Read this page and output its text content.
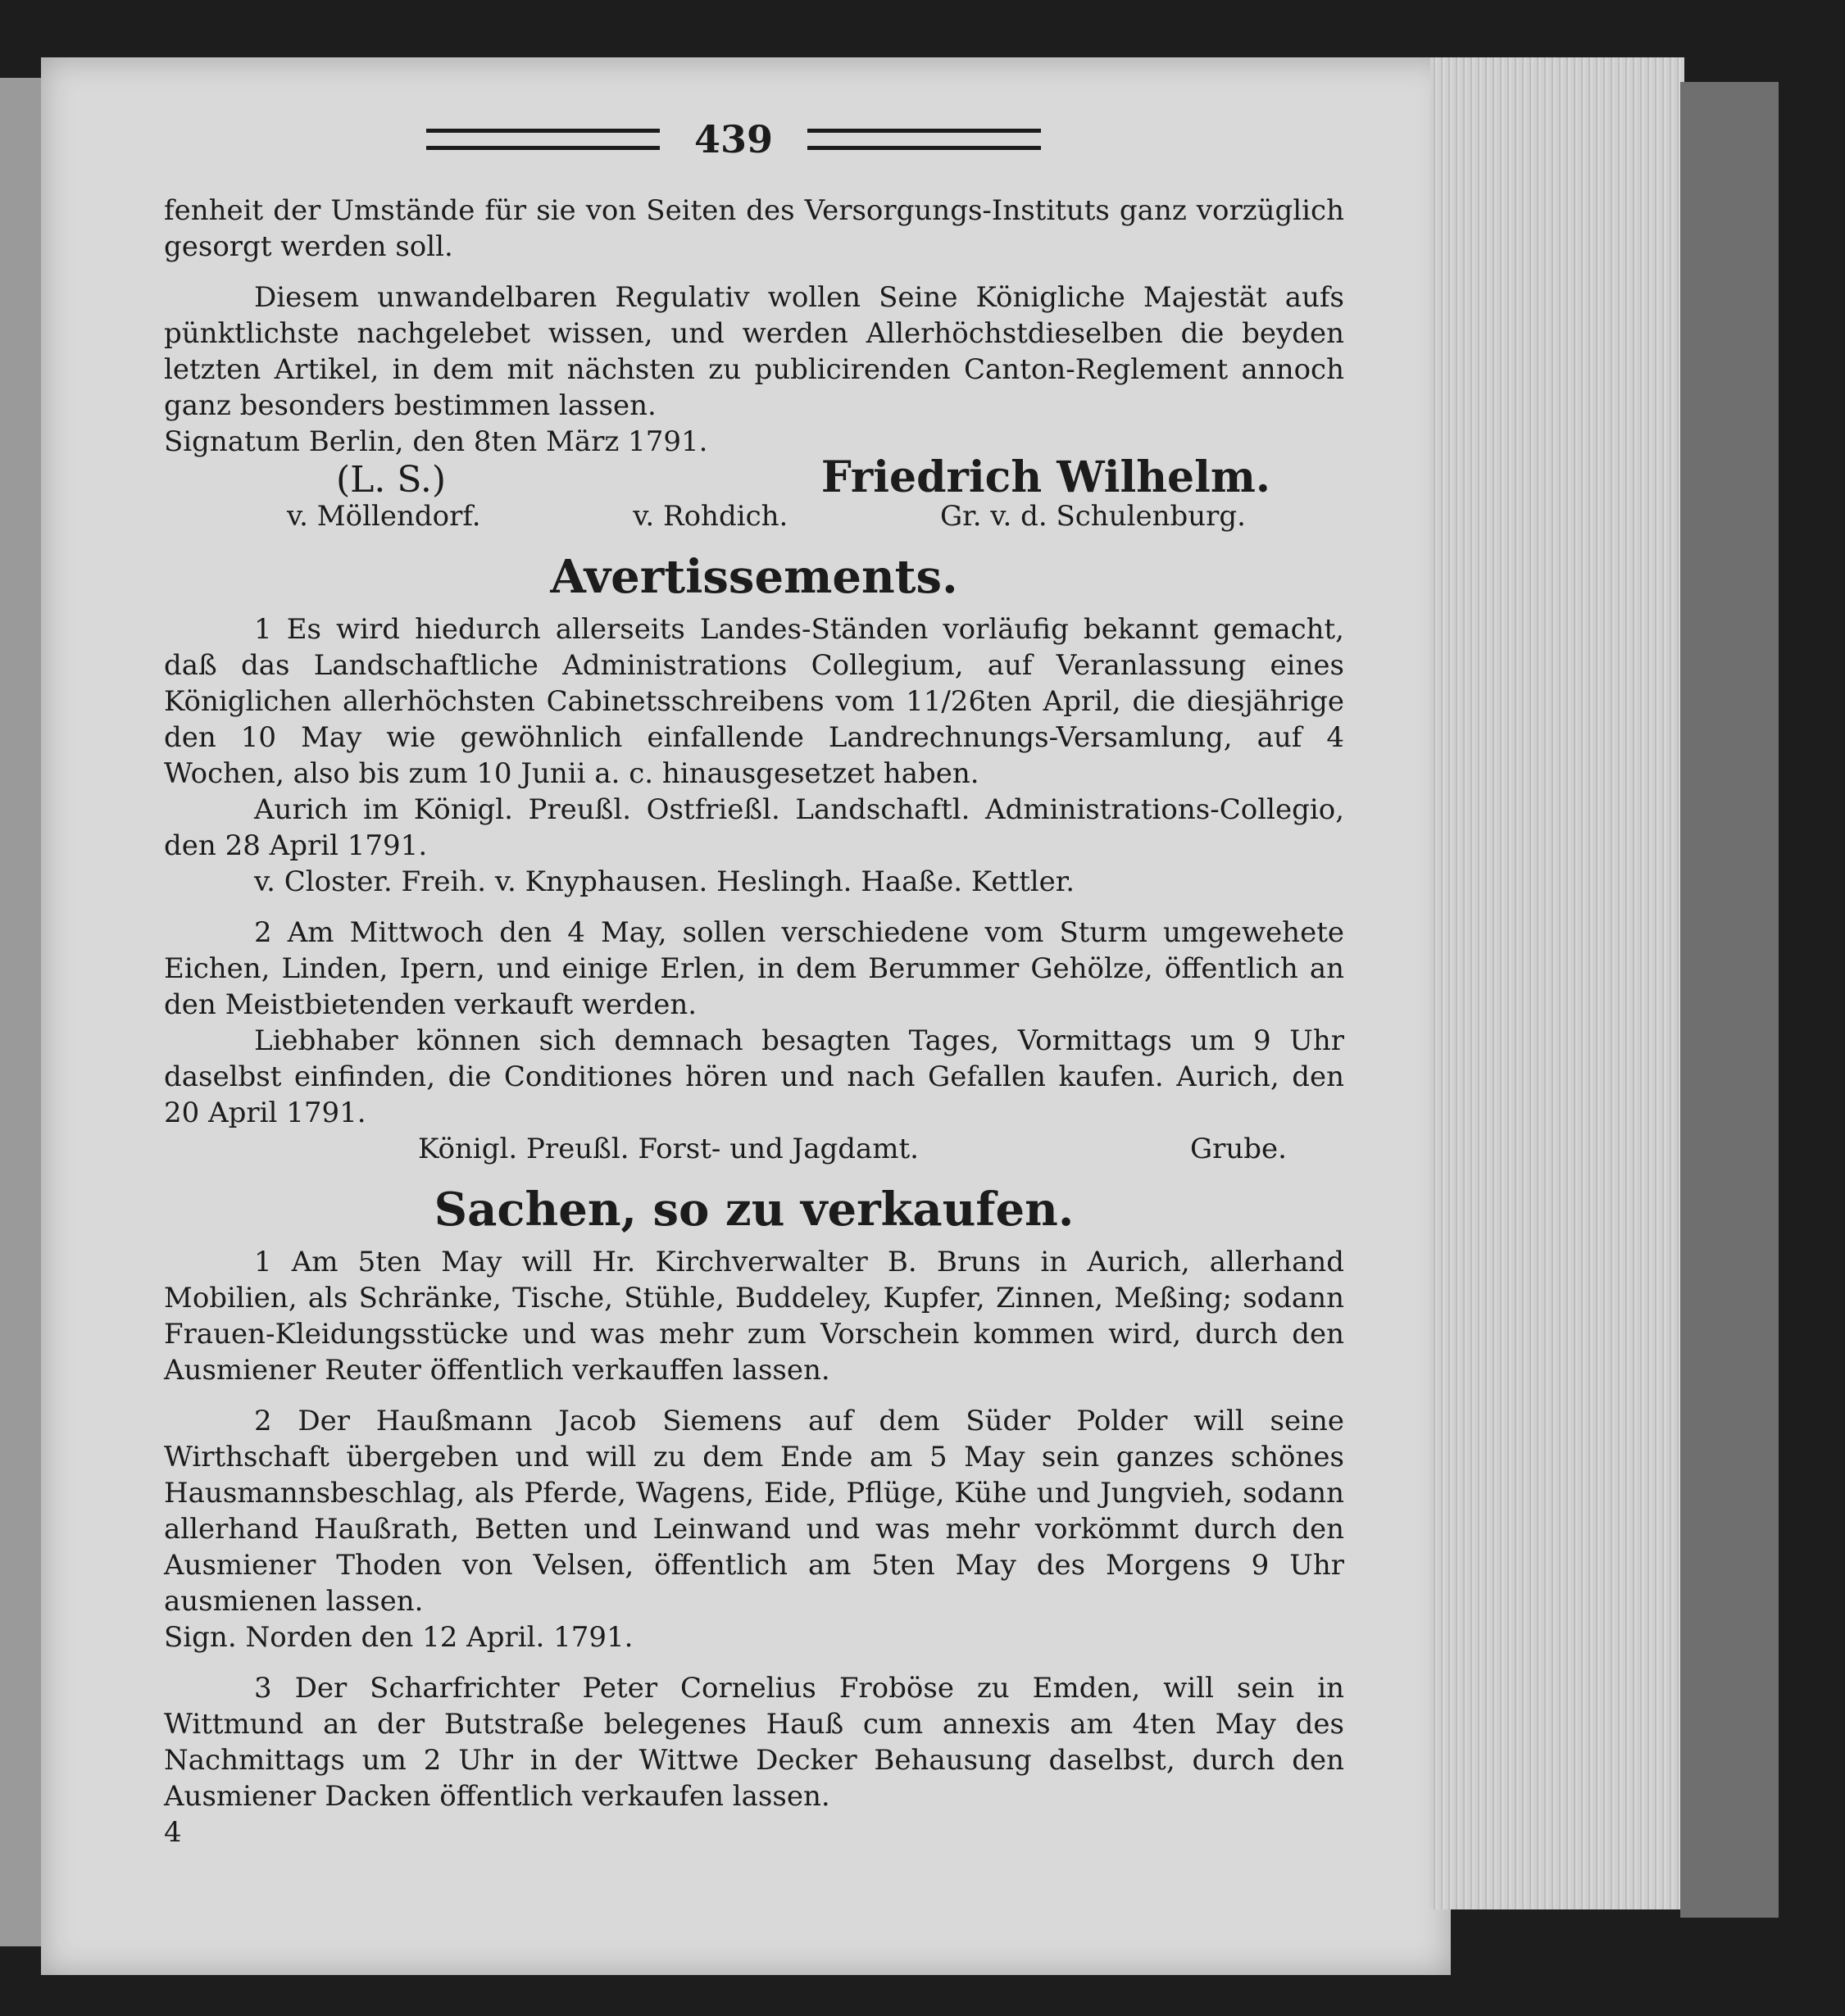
439

fenheit der Umstände für sie von Seiten des Versorgungs-Instituts ganz vorzüglich gesorgt werden soll.

Diesem unwandelbaren Regulativ wollen Seine Königliche Majestät aufs pünktlichste nachgelebet wissen, und werden Allerhöchstdieselben die beyden letzten Artikel, in dem mit nächsten zu publicirenden Canton-Reglement annoch ganz besonders bestimmen lassen.

Signatum Berlin, den 8ten März 1791.

(L. S.)	Friedrich Wilhelm.
v. Möllendorf.	v. Rohdich.	Gr. v. d. Schulenburg.
Avertissements.

1 Es wird hiedurch allerseits Landes-Ständen vorläufig bekannt gemacht, daß das Landschaftliche Administrations Collegium, auf Veranlassung eines Königlichen allerhöchsten Cabinetsschreibens vom 11/26ten April, die diesjährige den 10 May wie gewöhnlich einfallende Landrechnungs-Versamlung, auf 4 Wochen, also bis zum 10 Junii a. c. hinausgesetzet haben.

Aurich im Königl. Preußl. Ostfrießl. Landschaftl. Administrations-Collegio, den 28 April 1791.

v. Closter. Freih. v. Knyphausen. Heslingh. Haaße. Kettler.

2 Am Mittwoch den 4 May, sollen verschiedene vom Sturm umgewehete Eichen, Linden, Ipern, und einige Erlen, in dem Berummer Gehölze, öffentlich an den Meistbietenden verkauft werden.

Liebhaber können sich demnach besagten Tages, Vormittags um 9 Uhr daselbst einfinden, die Conditiones hören und nach Gefallen kaufen. Aurich, den 20 April 1791.

Königl. Preußl. Forst- und Jagdamt.	Grube.
Sachen, so zu verkaufen.

1 Am 5ten May will Hr. Kirchverwalter B. Bruns in Aurich, allerhand Mobilien, als Schränke, Tische, Stühle, Buddeley, Kupfer, Zinnen, Meßing; sodann Frauen-Kleidungsstücke und was mehr zum Vorschein kommen wird, durch den Ausmiener Reuter öffentlich verkauffen lassen.

2 Der Haußmann Jacob Siemens auf dem Süder Polder will seine Wirthschaft übergeben und will zu dem Ende am 5 May sein ganzes schönes Hausmannsbeschlag, als Pferde, Wagens, Eide, Pflüge, Kühe und Jungvieh, sodann allerhand Haußrath, Betten und Leinwand und was mehr vorkömmt durch den Ausmiener Thoden von Velsen, öffentlich am 5ten May des Morgens 9 Uhr ausmienen lassen.

Sign. Norden den 12 April. 1791.

3 Der Scharfrichter Peter Cornelius Froböse zu Emden, will sein in Wittmund an der Butstraße belegenes Hauß cum annexis am 4ten May des Nachmittags um 2 Uhr in der Wittwe Decker Behausung daselbst, durch den Ausmiener Dacken öffentlich verkaufen lassen.

4
